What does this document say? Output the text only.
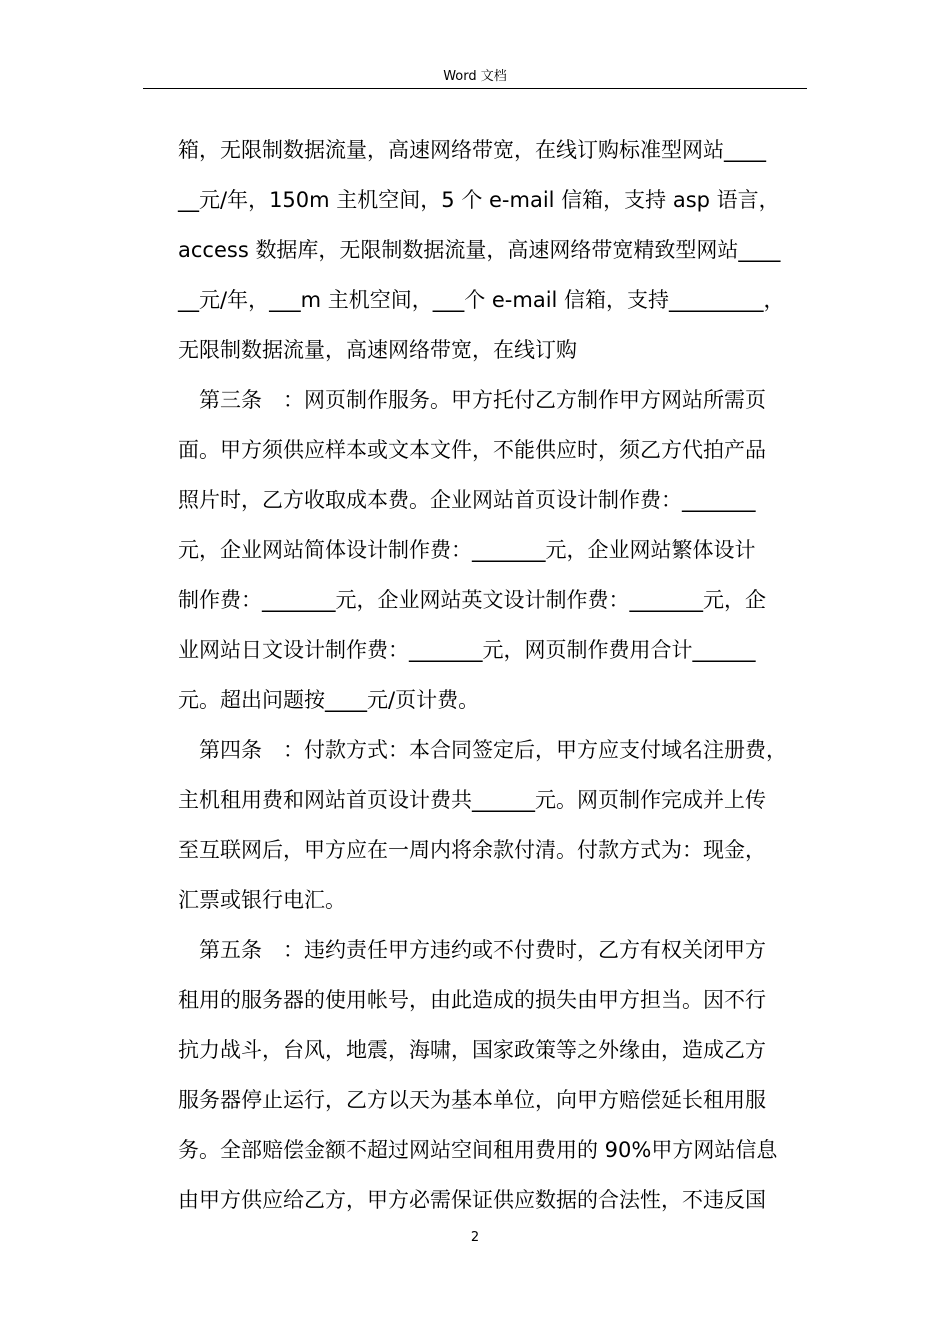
Word 文档
箱，无限制数据流量，高速网络带宽，在线订购标准型网站____
__元/年，150m 主机空间，5 个 e-mail 信箱，支持 asp 语言，
access 数据库，无限制数据流量，高速网络带宽精致型网站____
__元/年，___m 主机空间，___个 e-mail 信箱，支持_________，
无限制数据流量，高速网络带宽，在线订购
第三条　：网页制作服务。甲方托付乙方制作甲方网站所需页
面。甲方须供应样本或文本文件，不能供应时，须乙方代拍产品
照片时，乙方收取成本费。企业网站首页设计制作费：_______
元，企业网站简体设计制作费：_______元，企业网站繁体设计
制作费：_______元，企业网站英文设计制作费：_______元，企
业网站日文设计制作费：_______元，网页制作费用合计______
元。超出问题按____元/页计费。
第四条　：付款方式：本合同签定后，甲方应支付域名注册费，
主机租用费和网站首页设计费共______元。网页制作完成并上传
至互联网后，甲方应在一周内将余款付清。付款方式为：现金，
汇票或银行电汇。
第五条　：违约责任甲方违约或不付费时，乙方有权关闭甲方
租用的服务器的使用帐号，由此造成的损失由甲方担当。因不行
抗力战斗，台风，地震，海啸，国家政策等之外缘由，造成乙方
服务器停止运行，乙方以天为基本单位，向甲方赔偿延长租用服
务。全部赔偿金额不超过网站空间租用费用的 90%甲方网站信息
由甲方供应给乙方，甲方必需保证供应数据的合法性，不违反国
2
